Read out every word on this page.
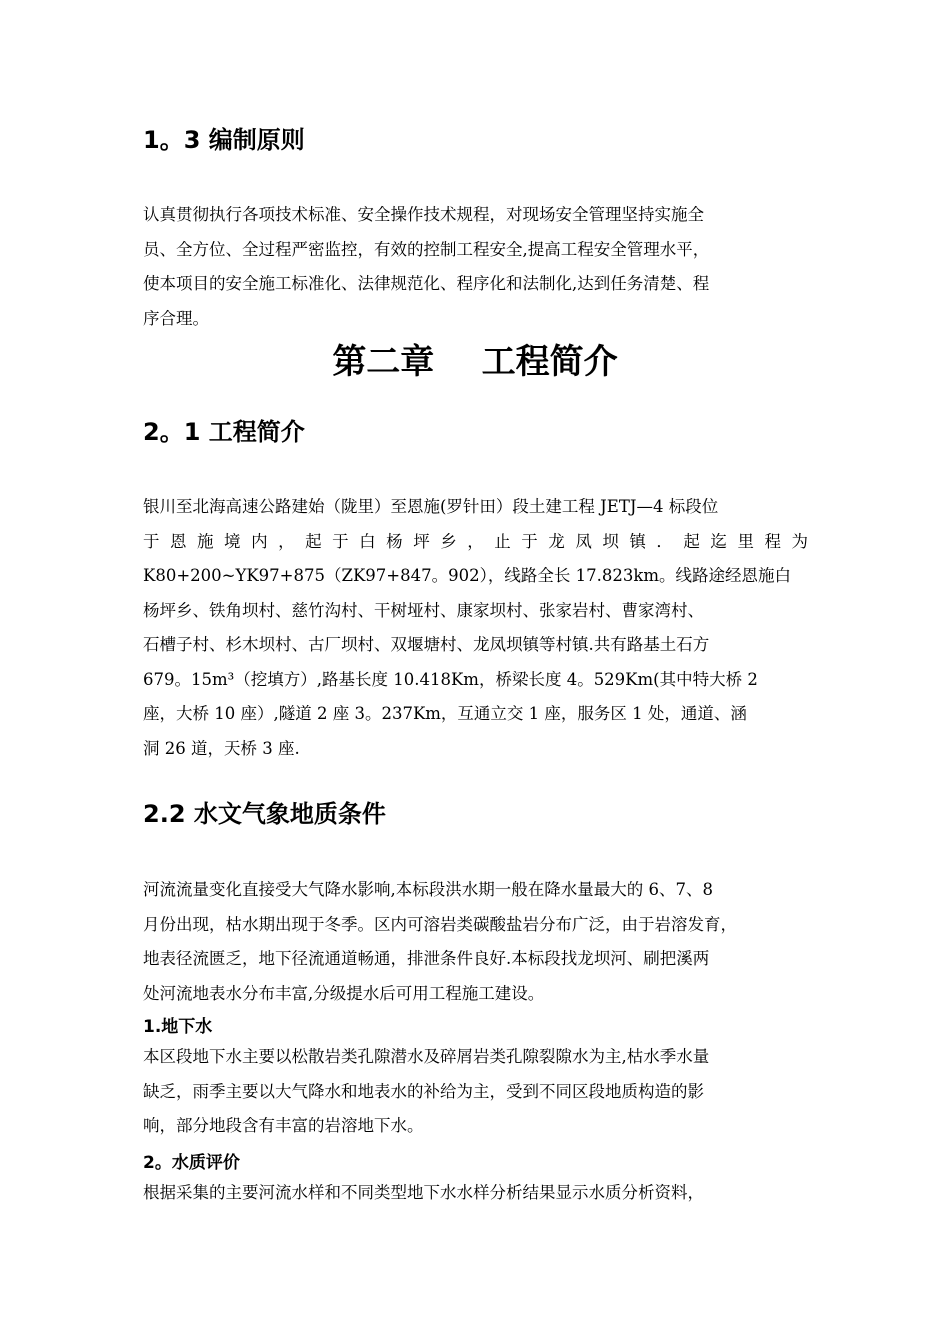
1。3 编制原则
认真贯彻执行各项技术标准、安全操作技术规程，对现场安全管理坚持实施全
员、全方位、全过程严密监控，有效的控制工程安全,提高工程安全管理水平，
使本项目的安全施工标准化、法律规范化、程序化和法制化,达到任务清楚、程
序合理。
第二章    工程简介
2。1 工程简介
银川至北海高速公路建始（陇里）至恩施(罗针田）段土建工程 JETJ—4 标段位
于恩施境内，起于白杨坪乡，止于龙凤坝镇．起迄里程为
K80+200~YK97+875（ZK97+847。902），线路全长 17.823km。线路途经恩施白
杨坪乡、铁角坝村、慈竹沟村、干树垭村、康家坝村、张家岩村、曹家湾村、
石槽子村、杉木坝村、古厂坝村、双堰塘村、龙凤坝镇等村镇.共有路基土石方
679。15m³（挖填方）,路基长度 10.418Km，桥梁长度 4。529Km(其中特大桥 2
座，大桥 10 座）,隧道 2 座 3。237Km，互通立交 1 座，服务区 1 处，通道、涵
洞 26 道，天桥 3 座.
2.2 水文气象地质条件
河流流量变化直接受大气降水影响,本标段洪水期一般在降水量最大的 6、7、8
月份出现，枯水期出现于冬季。区内可溶岩类碳酸盐岩分布广泛，由于岩溶发育，
地表径流匮乏，地下径流通道畅通，排泄条件良好.本标段找龙坝河、刷把溪两
处河流地表水分布丰富,分级提水后可用工程施工建设。
1.地下水
本区段地下水主要以松散岩类孔隙潜水及碎屑岩类孔隙裂隙水为主,枯水季水量
缺乏，雨季主要以大气降水和地表水的补给为主，受到不同区段地质构造的影
响，部分地段含有丰富的岩溶地下水。
2。水质评价
根据采集的主要河流水样和不同类型地下水水样分析结果显示水质分析资料，
